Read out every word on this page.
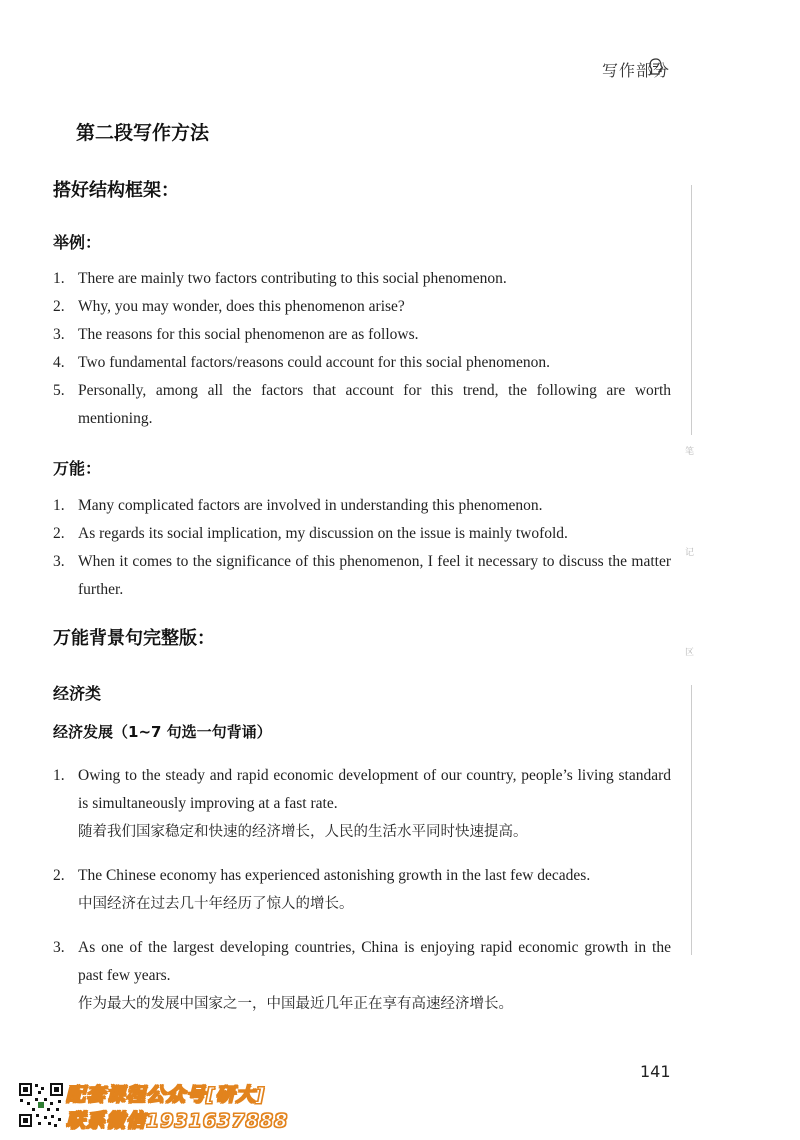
写作部分
第二段写作方法
搭好结构框架：
举例：
1. There are mainly two factors contributing to this social phenomenon.
2. Why, you may wonder, does this phenomenon arise?
3. The reasons for this social phenomenon are as follows.
4. Two fundamental factors/reasons could account for this social phenomenon.
5. Personally, among all the factors that account for this trend, the following are worth mentioning.
万能：
1. Many complicated factors are involved in understanding this phenomenon.
2. As regards its social implication, my discussion on the issue is mainly twofold.
3. When it comes to the significance of this phenomenon, I feel it necessary to discuss the matter further.
万能背景句完整版：
经济类
经济发展（1~7 句选一句背诵）
1. Owing to the steady and rapid economic development of our country, people’s living standard is simultaneously improving at a fast rate.
随着我们国家稳定和快速的经济增长，人民的生活水平同时快速提高。
2. The Chinese economy has experienced astonishing growth in the last few decades.
中国经济在过去几十年经历了惊人的增长。
3. As one of the largest developing countries, China is enjoying rapid economic growth in the past few years.
作为最大的发展中国家之一，中国最近几年正在享有高速经济增长。
笔
记
区
141
配套课程公众号[研大]
联系微信1931637888
